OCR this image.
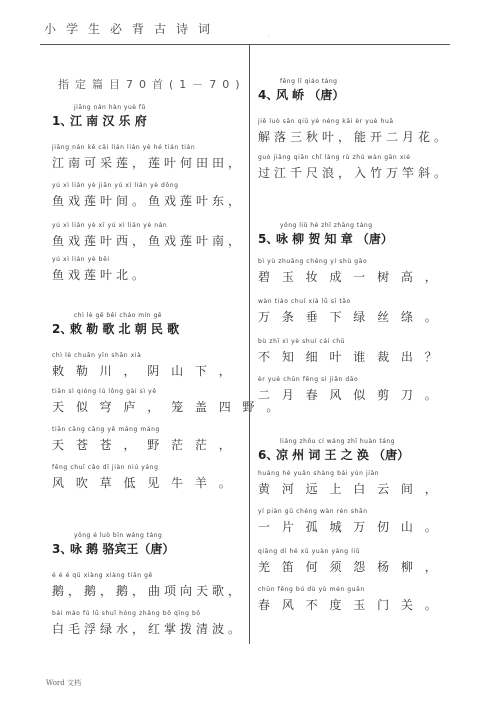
·
小学生必背古诗词
指定篇目70首(1－70)
jiāng nán hàn yuè fǔ
1、
江 南 汉 乐 府
jiāng nán kě cǎi lián lián yè hé tián tián
江南可采莲，莲叶何田田，
yú xì lián yè jiān yú xì lián yè dōng
鱼戏莲叶间。鱼戏莲叶东，
yú xì lián yè xī yú xì lián yè nán
鱼戏莲叶西，鱼戏莲叶南，
yú xì lián yè běi
鱼戏莲叶北。
chì lè gē běi cháo mín gē
2、
敕 勒 歌 北 朝 民 歌
chì lè chuān yīn shān xià
敕 勒 川 ， 阴 山 下 ，
tiān sì qióng lú lǒng gài sì yě
天 似 穹 庐 ， 笼 盖 四 野 。
tiān cāng cāng yě máng máng
天 苍 苍 ， 野 茫 茫 ，
fēng chuī cǎo dī jiàn niú yáng
风 吹 草 低 见 牛 羊 。
yǒng é luò bīn wáng táng
3、
咏 鹅 骆宾王（唐）
é é é qū xiàng xiàng tiān gē
鹅，鹅，鹅，曲项向天歌，
bái máo fú lǜ shuǐ hóng zhǎng bō qīng bō
白毛浮绿水，红掌拨清波。
fēng lǐ qiáo táng
4、
风 峤 （唐）
jiě luò sān qiū yè néng kāi èr yuè huā
解落三秋叶，能开二月花。
guò jiāng qiān chǐ làng rù zhú wàn gān xié
过江千尺浪，入竹万竿斜。
yǒng liǔ hè zhī zhāng táng
5、
咏 柳 贺 知 章 （唐）
bì yù zhuāng chéng yí shù gāo
碧 玉 妆 成 一 树 高 ，
wàn tiáo chuí xià lǜ sī tāo
万 条 垂 下 绿 丝 绦 。
bù zhī xì yè shuí cái chū
不 知 细 叶 谁 裁 出 ？
èr yuè chūn fēng sì jiǎn dāo
二 月 春 风 似 剪 刀 。
liáng zhōu cí wáng zhī huàn táng
6、
凉 州 词 王 之 涣 （唐）
huáng hé yuǎn shàng bái yún jiān
黄 河 远 上 白 云 间 ，
yí piàn gū chéng wàn rèn shān
一 片 孤 城 万 仞 山 。
qiāng dí hé xū yuàn yáng liǔ
羌 笛 何 须 怨 杨 柳 ，
chūn fēng bú dù yù mén guān
春 风 不 度 玉 门 关 。
Word 文档
